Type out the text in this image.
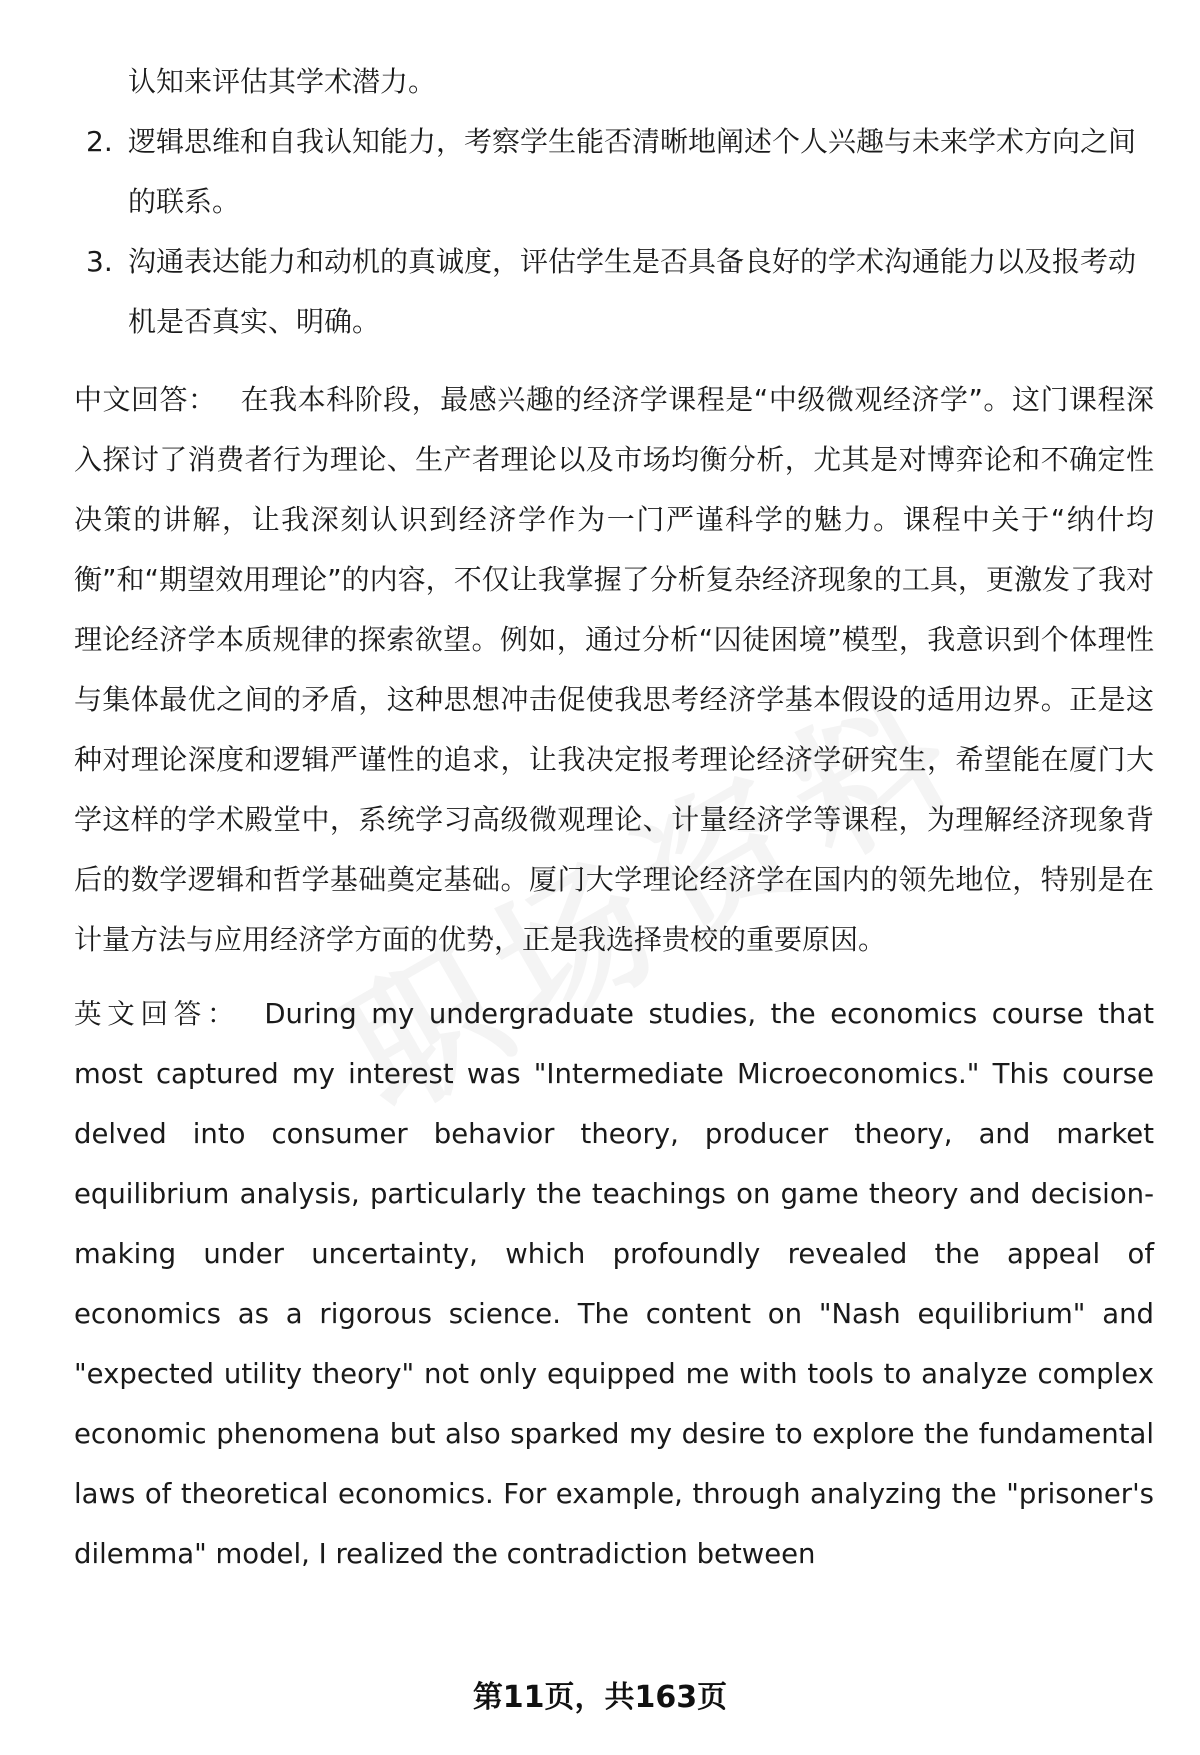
认知来评估其学术潜力。

2. 逻辑思维和自我认知能力，考察学生能否清晰地阐述个人兴趣与未来学术方向之间的联系。
3. 沟通表达能力和动机的真诚度，评估学生是否具备良好的学术沟通能力以及报考动机是否真实、明确。

中文回答： 在我本科阶段，最感兴趣的经济学课程是“中级微观经济学”。这门课程深入探讨了消费者行为理论、生产者理论以及市场均衡分析，尤其是对博弈论和不确定性决策的讲解，让我深刻认识到经济学作为一门严谨科学的魅力。课程中关于“纳什均衡”和“期望效用理论”的内容，不仅让我掌握了分析复杂经济现象的工具，更激发了我对理论经济学本质规律的探索欲望。例如，通过分析“囚徒困境”模型，我意识到个体理性与集体最优之间的矛盾，这种思想冲击促使我思考经济学基本假设的适用边界。正是这种对理论深度和逻辑严谨性的追求，让我决定报考理论经济学研究生，希望能在厦门大学这样的学术殿堂中，系统学习高级微观理论、计量经济学等课程，为理解经济现象背后的数学逻辑和哲学基础奠定基础。厦门大学理论经济学在国内的领先地位，特别是在计量方法与应用经济学方面的优势，正是我选择贵校的重要原因。

英文回答： During my undergraduate studies, the economics course that most captured my interest was "Intermediate Microeconomics." This course delved into consumer behavior theory, producer theory, and market equilibrium analysis, particularly the teachings on game theory and decision-making under uncertainty, which profoundly revealed the appeal of economics as a rigorous science. The content on "Nash equilibrium" and "expected utility theory" not only equipped me with tools to analyze complex economic phenomena but also sparked my desire to explore the fundamental laws of theoretical economics. For example, through analyzing the "prisoner's dilemma" model, I realized the contradiction between

第11页，共163页
